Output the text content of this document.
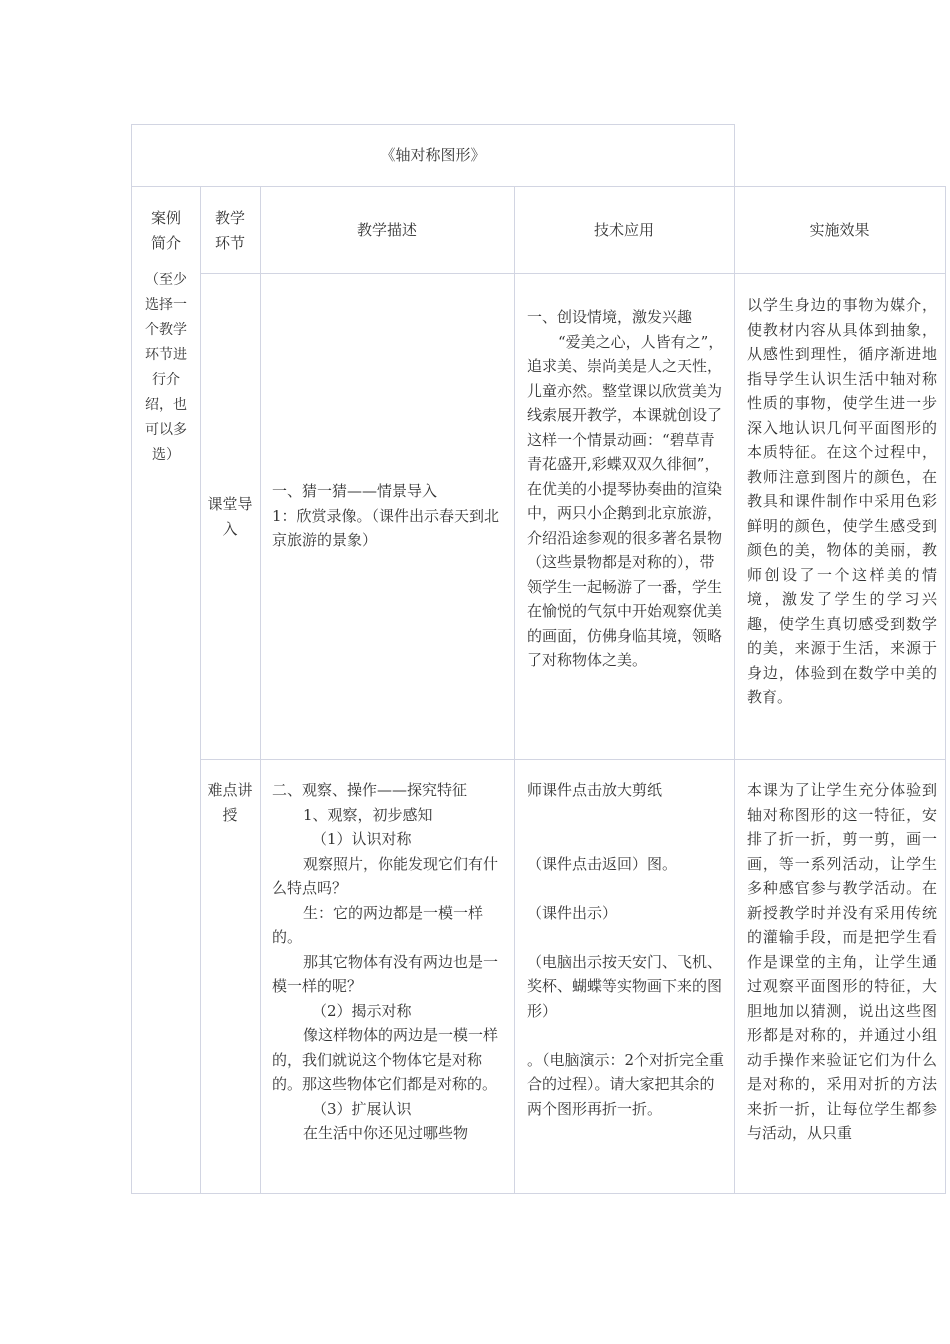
《轴对称图形》
案例简介
（至少选择一个教学环节进行介绍，也可以多选）
教学环节
教学描述	技术应用	实施效果
课堂导入

一、猜一猜——情景导入

1：欣赏录像。（课件出示春天到北京旅游的景象）

一、创设情境，激发兴趣

“爱美之心，人皆有之”，追求美、崇尚美是人之天性，儿童亦然。整堂课以欣赏美为线索展开教学，本课就创设了这样一个情景动画：“碧草青青花盛开,彩蝶双双久徘徊”，在优美的小提琴协奏曲的渲染中，两只小企鹅到北京旅游，介绍沿途参观的很多著名景物（这些景物都是对称的），带领学生一起畅游了一番，学生在愉悦的气氛中开始观察优美的画面，仿佛身临其境，领略了对称物体之美。

以学生身边的事物为媒介，使教材内容从具体到抽象，从感性到理性，循序渐进地指导学生认识生活中轴对称性质的事物，使学生进一步深入地认识几何平面图形的本质特征。在这个过程中，教师注意到图片的颜色，在教具和课件制作中采用色彩鲜明的颜色，使学生感受到颜色的美，物体的美丽，教师创设了一个这样美的情境，激发了学生的学习兴趣，使学生真切感受到数学的美，来源于生活，来源于身边，体验到在数学中美的教育。
难点讲授

二、观察、操作——探究特征

1、观察，初步感知

（1）认识对称

观察照片，你能发现它们有什么特点吗？

生：它的两边都是一模一样的。

那其它物体有没有两边也是一模一样的呢？

（2）揭示对称

像这样物体的两边是一模一样的，我们就说这个物体它是对称的。那这些物体它们都是对称的。

（3）扩展认识

在生活中你还见过哪些物

师课件点击放大剪纸

（课件点击返回）图。

（课件出示）

（电脑出示按天安门、飞机、奖杯、蝴蝶等实物画下来的图形）

。（电脑演示：2个对折完全重合的过程）。请大家把其余的两个图形再折一折。

本课为了让学生充分体验到轴对称图形的这一特征，安排了折一折，剪一剪，画一画，等一系列活动，让学生多种感官参与教学活动。在新授教学时并没有采用传统的灌输手段，而是把学生看作是课堂的主角，让学生通过观察平面图形的特征，大胆地加以猜测，说出这些图形都是对称的，并通过小组动手操作来验证它们为什么是对称的，采用对折的方法来折一折，让每位学生都参与活动，从只重
